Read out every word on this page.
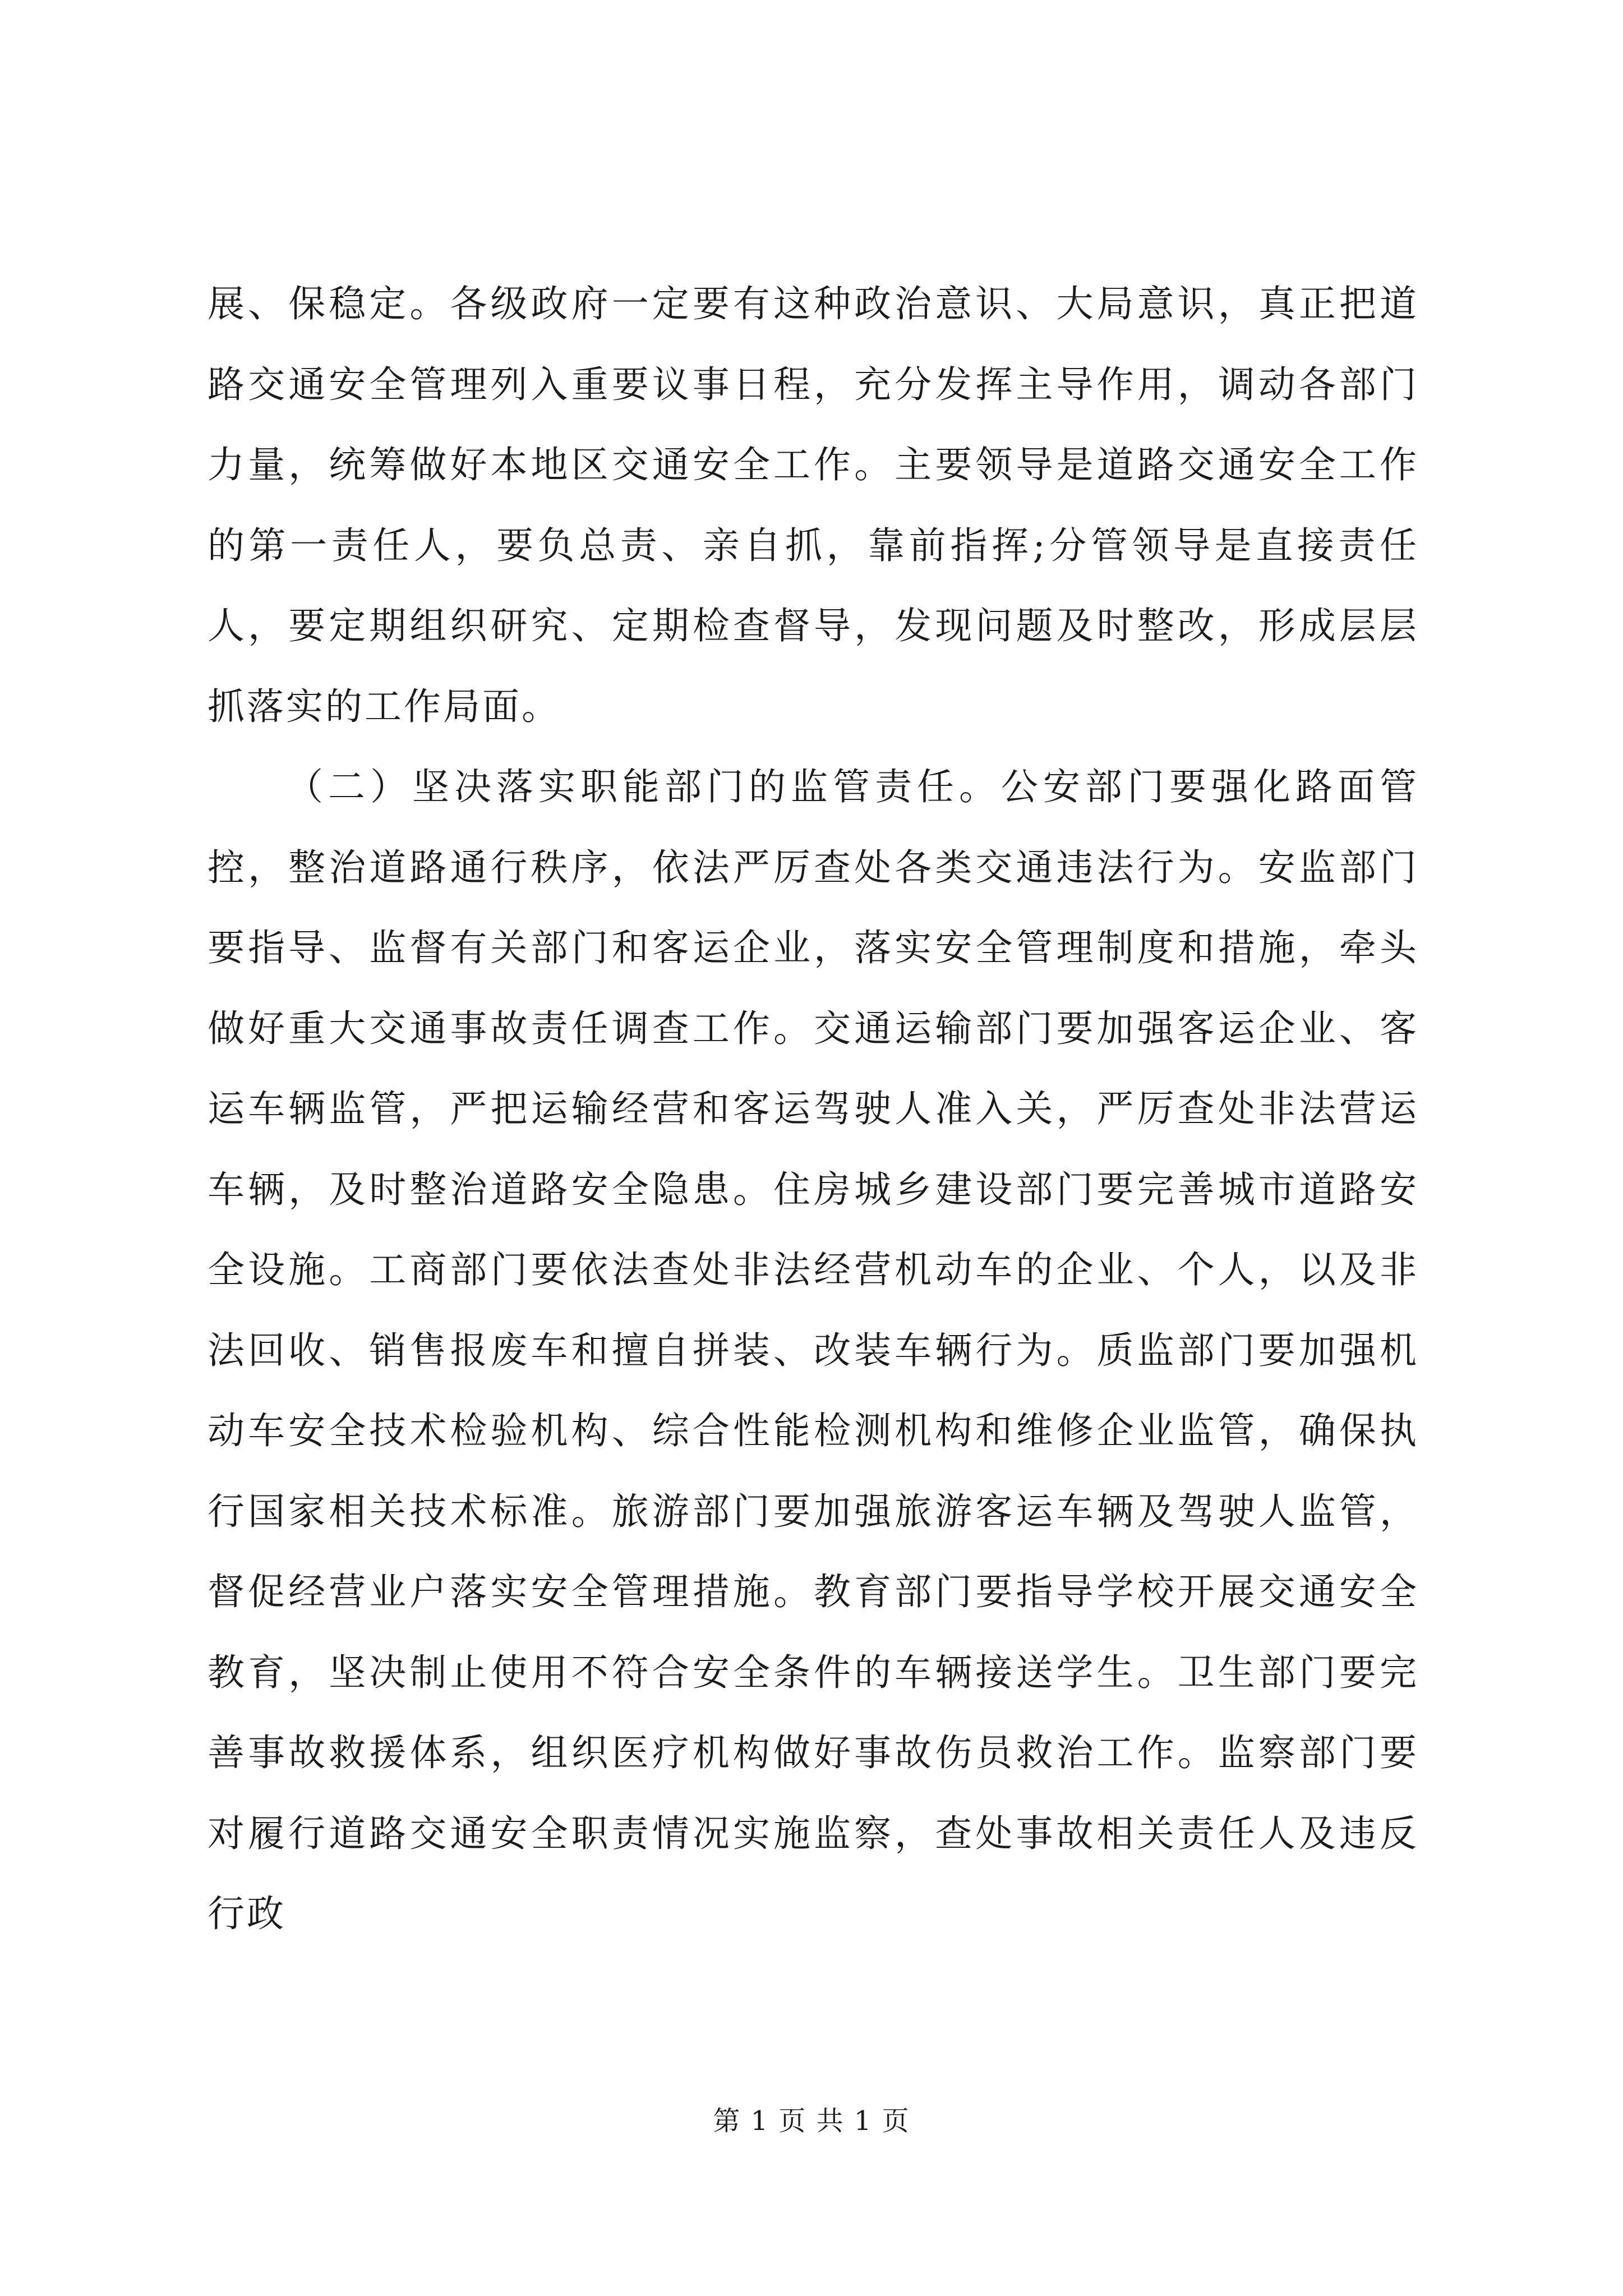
展、保稳定。各级政府一定要有这种政治意识、大局意识，真正把道路交通安全管理列入重要议事日程，充分发挥主导作用，调动各部门力量，统筹做好本地区交通安全工作。主要领导是道路交通安全工作的第一责任人，要负总责、亲自抓，靠前指挥;分管领导是直接责任人，要定期组织研究、定期检查督导，发现问题及时整改，形成层层抓落实的工作局面。

（二）坚决落实职能部门的监管责任。公安部门要强化路面管控，整治道路通行秩序，依法严厉查处各类交通违法行为。安监部门要指导、监督有关部门和客运企业，落实安全管理制度和措施，牵头做好重大交通事故责任调查工作。交通运输部门要加强客运企业、客运车辆监管，严把运输经营和客运驾驶人准入关，严厉查处非法营运车辆，及时整治道路安全隐患。住房城乡建设部门要完善城市道路安全设施。工商部门要依法查处非法经营机动车的企业、个人，以及非法回收、销售报废车和擅自拼装、改装车辆行为。质监部门要加强机动车安全技术检验机构、综合性能检测机构和维修企业监管，确保执行国家相关技术标准。旅游部门要加强旅游客运车辆及驾驶人监管，督促经营业户落实安全管理措施。教育部门要指导学校开展交通安全教育，坚决制止使用不符合安全条件的车辆接送学生。卫生部门要完善事故救援体系，组织医疗机构做好事故伤员救治工作。监察部门要对履行道路交通安全职责情况实施监察，查处事故相关责任人及违反行政

第 1 页 共 1 页
